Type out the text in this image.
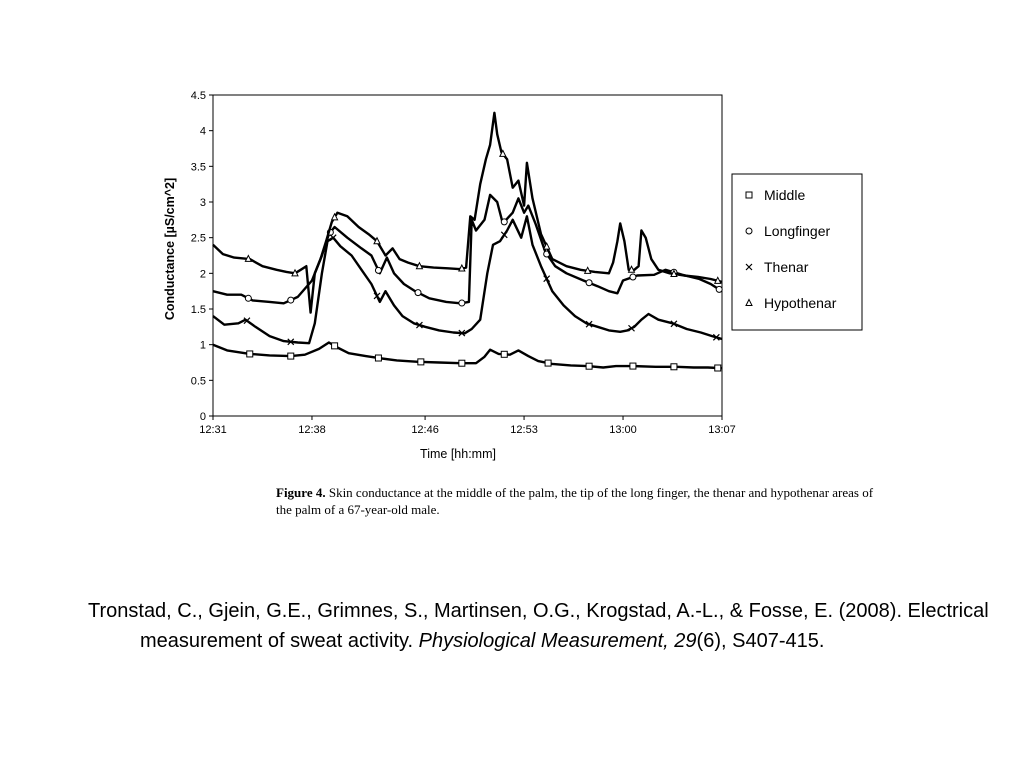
0
0.5
1
1.5
2
2.5
3
3.5
4
4.5
12:31	12:38	12:46	12:53	13:00	13:07
Time [hh:mm]
Conductance [µS/cm^2]	Middle
Longfinger
Thenar
Hypothenar
Figure 4. Skin conductance at the middle of the palm, the tip of the long finger, the thenar and hypothenar areas of the palm of a 67-year-old male.
Tronstad, C., Gjein, G.E., Grimnes, S., Martinsen, O.G., Krogstad, A.-L., & Fosse, E. (2008). Electrical measurement of sweat activity. Physiological Measurement, 29(6), S407-415.
